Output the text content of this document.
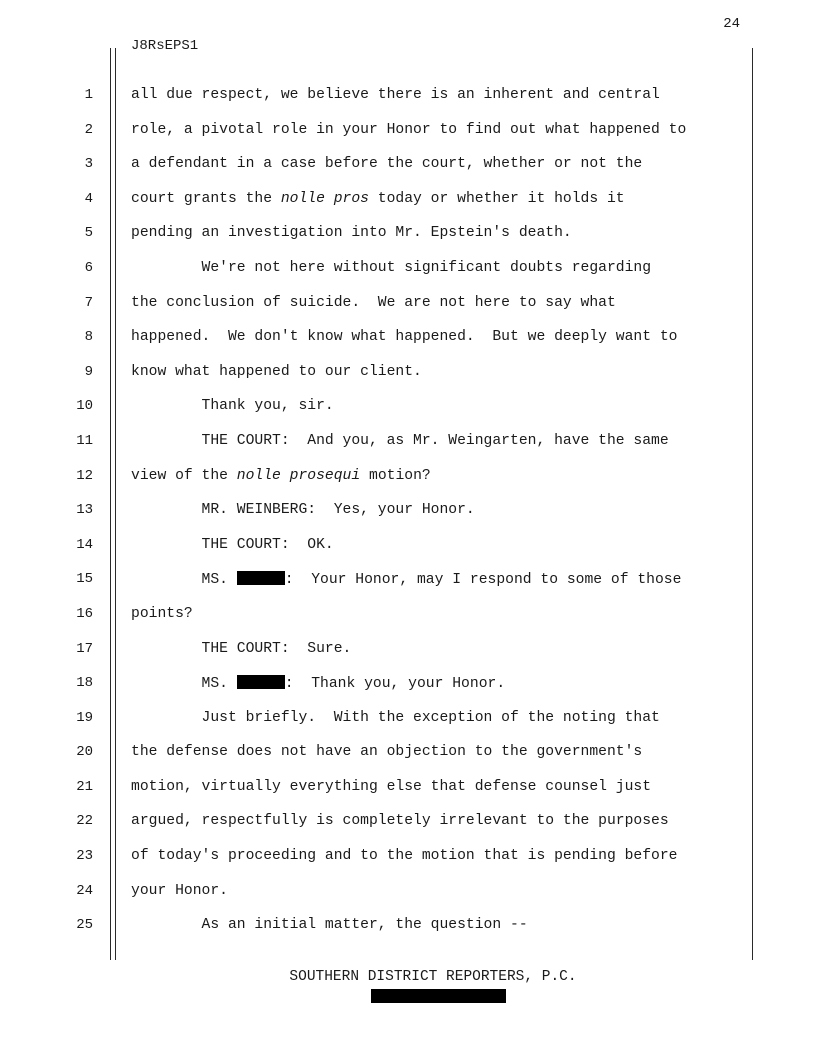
24
J8RsEPS1
1	all due respect, we believe there is an inherent and central
2	role, a pivotal role in your Honor to find out what happened to
3	a defendant in a case before the court, whether or not the
4	court grants the nolle pros today or whether it holds it
5	pending an investigation into Mr. Epstein's death.
6	We're not here without significant doubts regarding
7	the conclusion of suicide.  We are not here to say what
8	happened.  We don't know what happened.  But we deeply want to
9	know what happened to our client.
10	Thank you, sir.
11	THE COURT:  And you, as Mr. Weingarten, have the same
12	view of the nolle prosequi motion?
13	MR. WEINBERG:  Yes, your Honor.
14	THE COURT:  OK.
15	MS.	:  Your Honor, may I respond to some of those
16	points?
17	THE COURT:  Sure.
18	MS.	:  Thank you, your Honor.
19	Just briefly.  With the exception of the noting that
20	the defense does not have an objection to the government's
21	motion, virtually everything else that defense counsel just
22	argued, respectfully is completely irrelevant to the purposes
23	of today's proceeding and to the motion that is pending before
24	your Honor.
25	As an initial matter, the question --
SOUTHERN DISTRICT REPORTERS, P.C.
